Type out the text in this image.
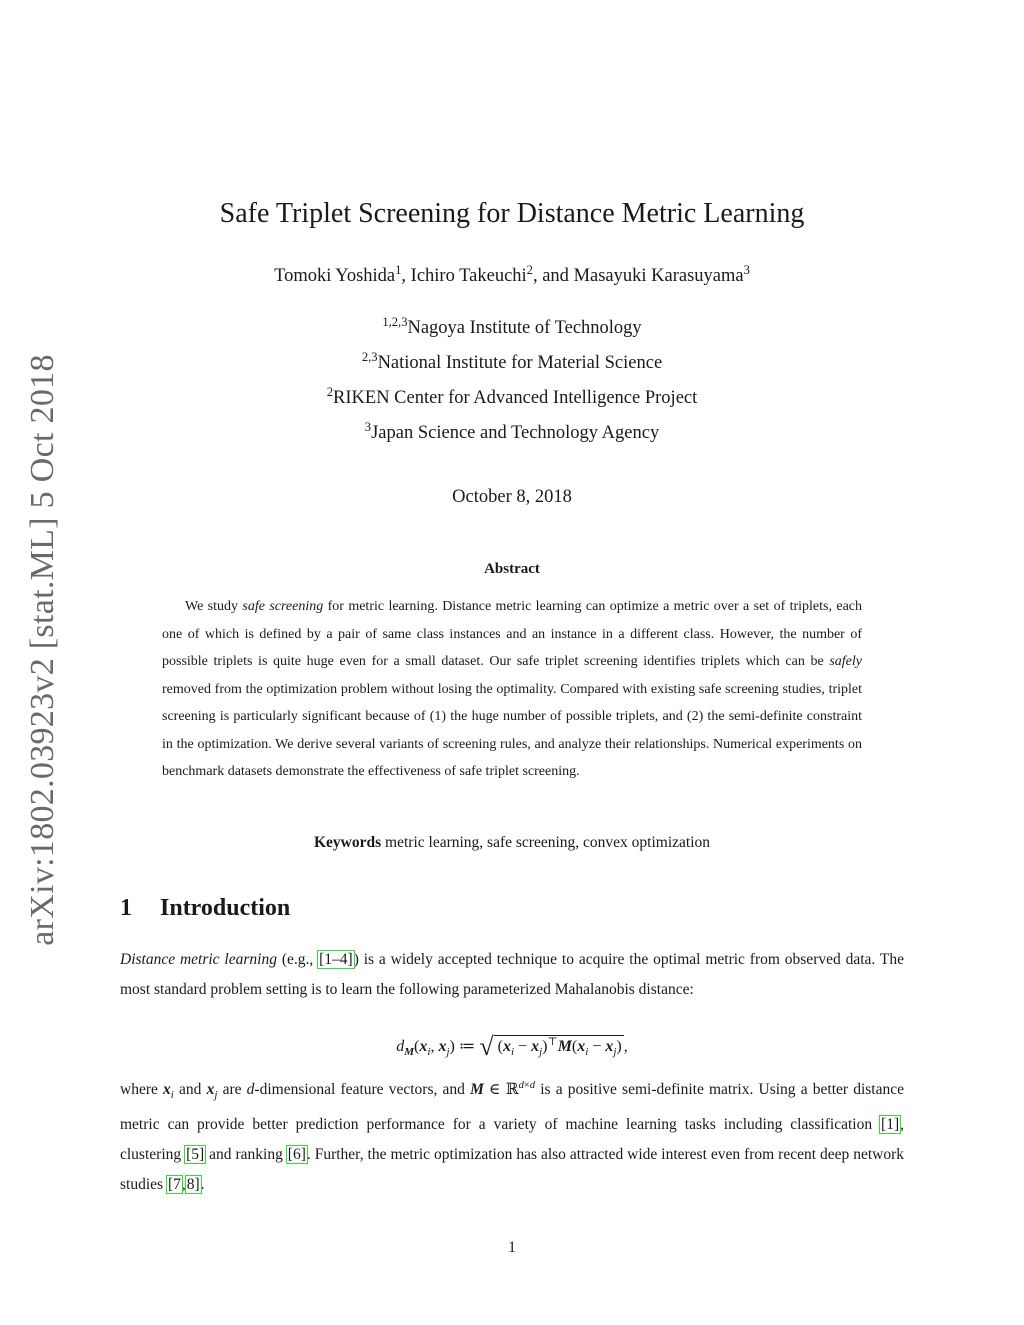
arXiv:1802.03923v2 [stat.ML] 5 Oct 2018
Safe Triplet Screening for Distance Metric Learning
Tomoki Yoshida$^1$, Ichiro Takeuchi$^2$, and Masayuki Karasuyama$^3$
$^{1,2,3}$Nagoya Institute of Technology
$^{2,3}$National Institute for Material Science
$^2$RIKEN Center for Advanced Intelligence Project
$^3$Japan Science and Technology Agency
October 8, 2018
Abstract
We study safe screening for metric learning. Distance metric learning can optimize a metric over a set of triplets, each one of which is defined by a pair of same class instances and an instance in a different class. However, the number of possible triplets is quite huge even for a small dataset. Our safe triplet screening identifies triplets which can be safely removed from the optimization problem without losing the optimality. Compared with existing safe screening studies, triplet screening is particularly significant because of (1) the huge number of possible triplets, and (2) the semi-definite constraint in the optimization. We derive several variants of screening rules, and analyze their relationships. Numerical experiments on benchmark datasets demonstrate the effectiveness of safe triplet screening.
Keywords metric learning, safe screening, convex optimization
1 Introduction
Distance metric learning (e.g., [1–4]) is a widely accepted technique to acquire the optimal metric from observed data. The most standard problem setting is to learn the following parameterized Mahalanobis distance:
$d_M(x_i$, $x_j$) ≔ √ $(x_i - x_j)^⊤M(x_i - x_j)$ ,
where $x_i$ and $x_j$ are d-dimensional feature vectors, and M ∈ ℝ$^{d\times d}$ is a positive semi-definite matrix. Using a better distance metric can provide better prediction performance for a variety of machine learning tasks including classification [1], clustering [5] and ranking [6]. Further, the metric optimization has also attracted wide interest even from recent deep network studies [7,8].
1
